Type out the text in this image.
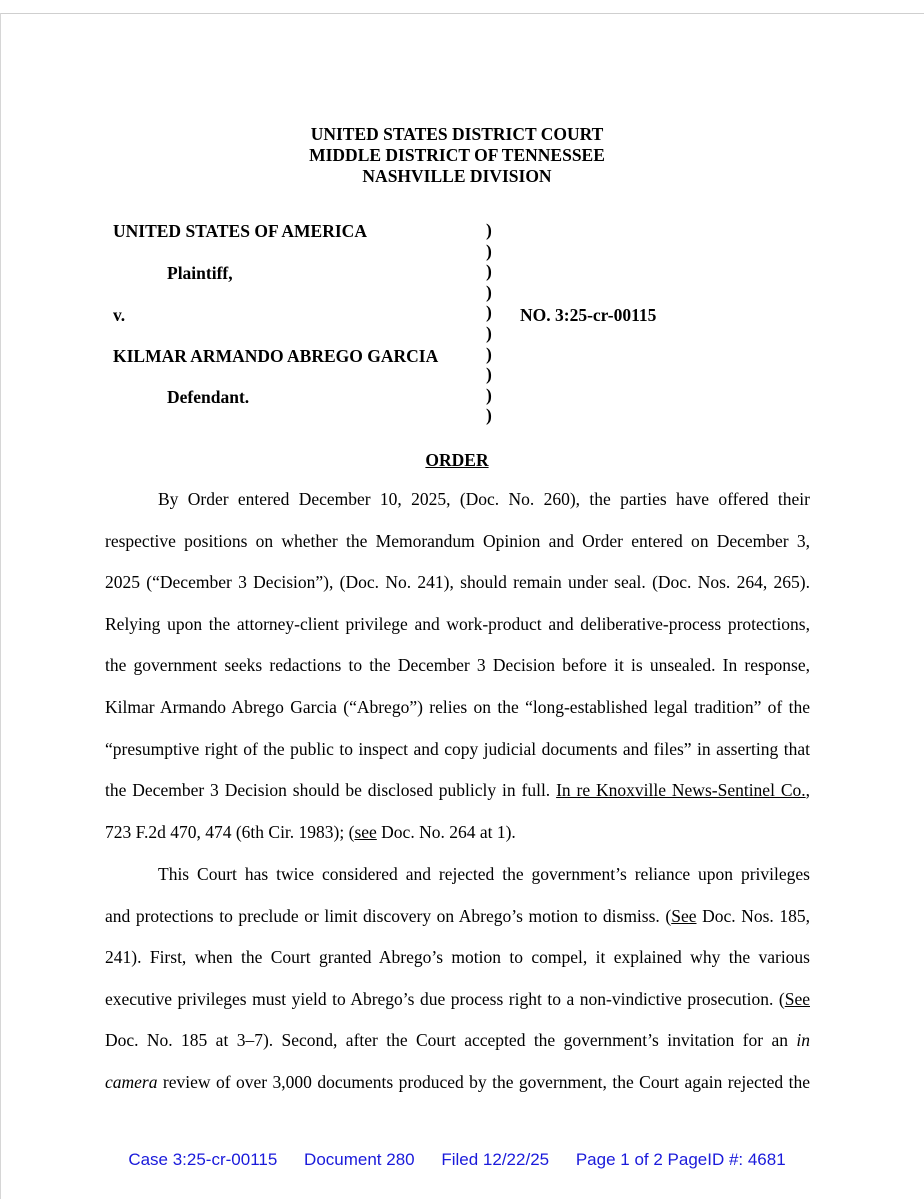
UNITED STATES DISTRICT COURT
MIDDLE DISTRICT OF TENNESSEE
NASHVILLE DIVISION
UNITED STATES OF AMERICA
Plaintiff,
v.
KILMAR ARMANDO ABREGO GARCIA
Defendant.
)
)
)
)
)
)
)
)
)
)
NO. 3:25-cr-00115
ORDER
By Order entered December 10, 2025, (Doc. No. 260), the parties have offered their
respective positions on whether the Memorandum Opinion and Order entered on December 3,
2025 (“December 3 Decision”), (Doc. No. 241), should remain under seal. (Doc. Nos. 264, 265).
Relying upon the attorney-client privilege and work-product and deliberative-process protections,
the government seeks redactions to the December 3 Decision before it is unsealed. In response,
Kilmar Armando Abrego Garcia (“Abrego”) relies on the “long-established legal tradition” of the
“presumptive right of the public to inspect and copy judicial documents and files” in asserting that
the December 3 Decision should be disclosed publicly in full. In re Knoxville News-Sentinel Co.,
723 F.2d 470, 474 (6th Cir. 1983); (see Doc. No. 264 at 1).
This Court has twice considered and rejected the government’s reliance upon privileges
and protections to preclude or limit discovery on Abrego’s motion to dismiss. (See Doc. Nos. 185,
241). First, when the Court granted Abrego’s motion to compel, it explained why the various
executive privileges must yield to Abrego’s due process right to a non-vindictive prosecution. (See
Doc. No. 185 at 3–7). Second, after the Court accepted the government’s invitation for an in
camera review of over 3,000 documents produced by the government, the Court again rejected the
Case 3:25-cr-00115 Document 280 Filed 12/22/25 Page 1 of 2 PageID #: 4681
